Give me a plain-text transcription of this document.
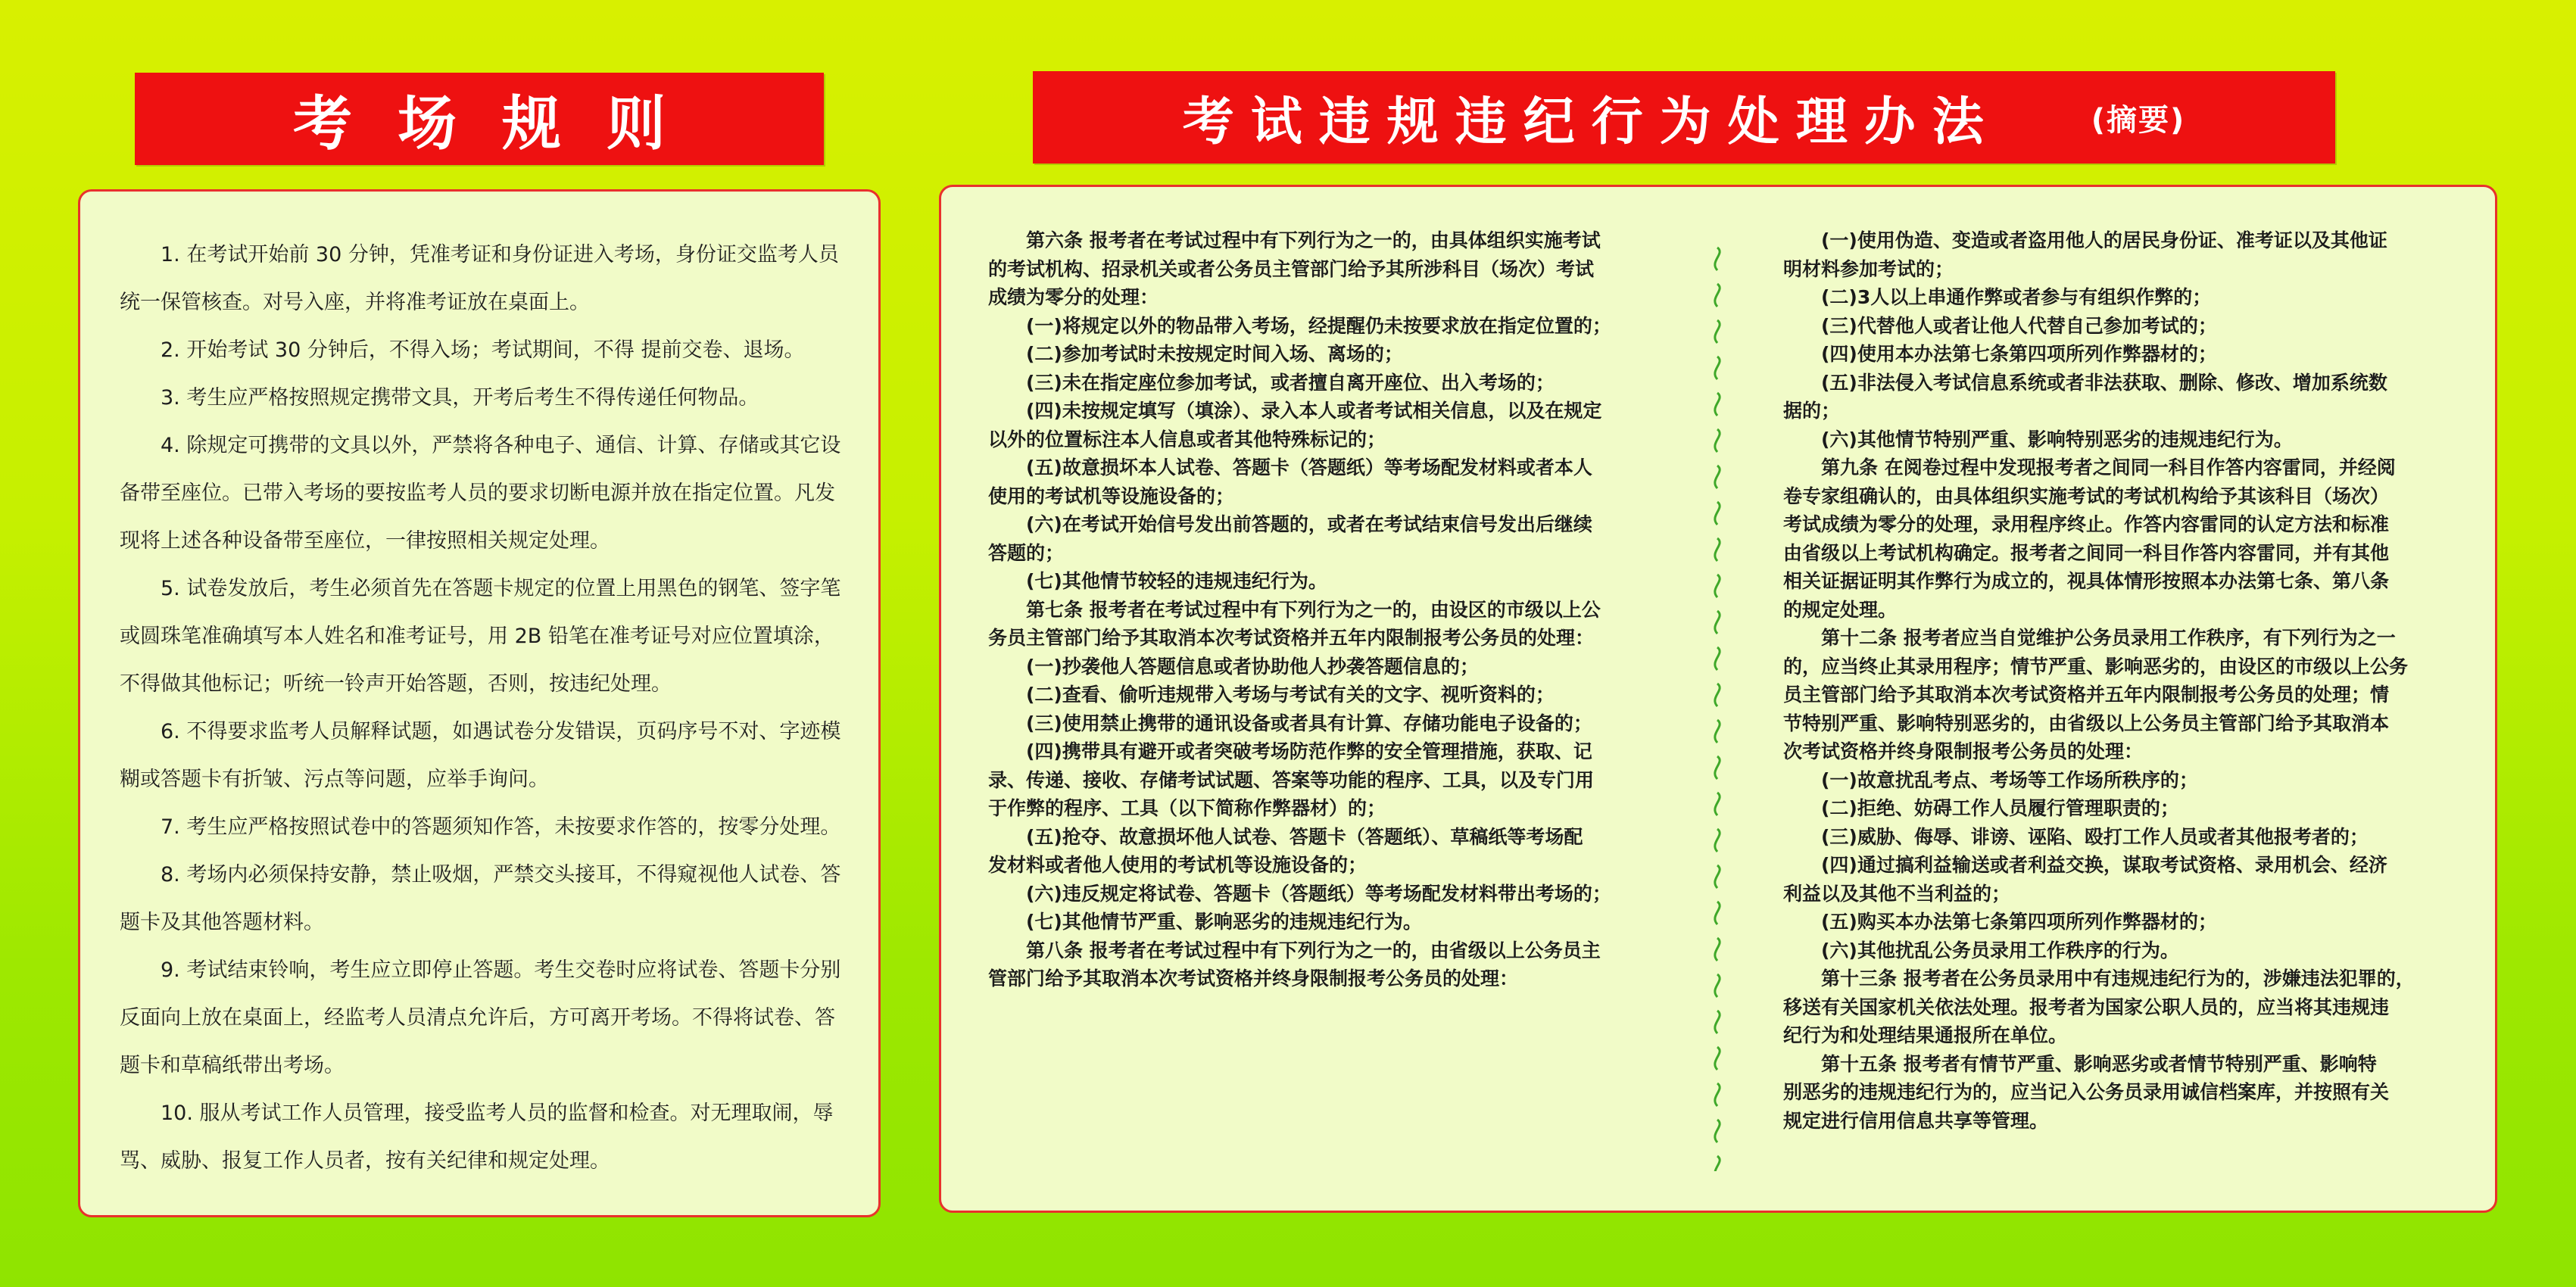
考场规则	考试违规违纪行为处理办法	(摘要)

1. 在考试开始前 30 分钟，凭准考证和身份证进入考场，身份证交监考人员统一保管核查。对号入座，并将准考证放在桌面上。

2. 开始考试 30 分钟后，不得入场；考试期间，不得 提前交卷、退场。

3. 考生应严格按照规定携带文具，开考后考生不得传递任何物品。

4. 除规定可携带的文具以外，严禁将各种电子、通信、计算、存储或其它设备带至座位。已带入考场的要按监考人员的要求切断电源并放在指定位置。凡发现将上述各种设备带至座位，一律按照相关规定处理。

5. 试卷发放后，考生必须首先在答题卡规定的位置上用黑色的钢笔、签字笔或圆珠笔准确填写本人姓名和准考证号，用 2B 铅笔在准考证号对应位置填涂，不得做其他标记；听统一铃声开始答题，否则，按违纪处理。

6. 不得要求监考人员解释试题，如遇试卷分发错误，页码序号不对、字迹模糊或答题卡有折皱、污点等问题，应举手询问。

7. 考生应严格按照试卷中的答题须知作答，未按要求作答的，按零分处理。

8. 考场内必须保持安静，禁止吸烟，严禁交头接耳，不得窥视他人试卷、答题卡及其他答题材料。

9. 考试结束铃响，考生应立即停止答题。考生交卷时应将试卷、答题卡分别反面向上放在桌面上，经监考人员清点允许后，方可离开考场。不得将试卷、答题卡和草稿纸带出考场。

10. 服从考试工作人员管理，接受监考人员的监督和检查。对无理取闹，辱骂、威胁、报复工作人员者，按有关纪律和规定处理。

第六条 报考者在考试过程中有下列行为之一的，由具体组织实施考试

的考试机构、招录机关或者公务员主管部门给予其所涉科目（场次）考试

成绩为零分的处理：

(一)将规定以外的物品带入考场，经提醒仍未按要求放在指定位置的；

(二)参加考试时未按规定时间入场、离场的；

(三)未在指定座位参加考试，或者擅自离开座位、出入考场的；

(四)未按规定填写（填涂）、录入本人或者考试相关信息，以及在规定

以外的位置标注本人信息或者其他特殊标记的；

(五)故意损坏本人试卷、答题卡（答题纸）等考场配发材料或者本人

使用的考试机等设施设备的；

(六)在考试开始信号发出前答题的，或者在考试结束信号发出后继续

答题的；

(七)其他情节较轻的违规违纪行为。

第七条 报考者在考试过程中有下列行为之一的，由设区的市级以上公

务员主管部门给予其取消本次考试资格并五年内限制报考公务员的处理：

(一)抄袭他人答题信息或者协助他人抄袭答题信息的；

(二)查看、偷听违规带入考场与考试有关的文字、视听资料的；

(三)使用禁止携带的通讯设备或者具有计算、存储功能电子设备的；

(四)携带具有避开或者突破考场防范作弊的安全管理措施，获取、记

录、传递、接收、存储考试试题、答案等功能的程序、工具，以及专门用

于作弊的程序、工具（以下简称作弊器材）的；

(五)抢夺、故意损坏他人试卷、答题卡（答题纸）、草稿纸等考场配

发材料或者他人使用的考试机等设施设备的；

(六)违反规定将试卷、答题卡（答题纸）等考场配发材料带出考场的；

(七)其他情节严重、影响恶劣的违规违纪行为。

第八条 报考者在考试过程中有下列行为之一的，由省级以上公务员主

管部门给予其取消本次考试资格并终身限制报考公务员的处理：

(一)使用伪造、变造或者盗用他人的居民身份证、准考证以及其他证

明材料参加考试的；

(二)3人以上串通作弊或者参与有组织作弊的；

(三)代替他人或者让他人代替自己参加考试的；

(四)使用本办法第七条第四项所列作弊器材的；

(五)非法侵入考试信息系统或者非法获取、删除、修改、增加系统数

据的；

(六)其他情节特别严重、影响特别恶劣的违规违纪行为。

第九条 在阅卷过程中发现报考者之间同一科目作答内容雷同，并经阅

卷专家组确认的，由具体组织实施考试的考试机构给予其该科目（场次）

考试成绩为零分的处理，录用程序终止。作答内容雷同的认定方法和标准

由省级以上考试机构确定。报考者之间同一科目作答内容雷同，并有其他

相关证据证明其作弊行为成立的，视具体情形按照本办法第七条、第八条

的规定处理。

第十二条 报考者应当自觉维护公务员录用工作秩序，有下列行为之一

的，应当终止其录用程序；情节严重、影响恶劣的，由设区的市级以上公务

员主管部门给予其取消本次考试资格并五年内限制报考公务员的处理；情

节特别严重、影响特别恶劣的，由省级以上公务员主管部门给予其取消本

次考试资格并终身限制报考公务员的处理：

(一)故意扰乱考点、考场等工作场所秩序的；

(二)拒绝、妨碍工作人员履行管理职责的；

(三)威胁、侮辱、诽谤、诬陷、殴打工作人员或者其他报考者的；

(四)通过搞利益输送或者利益交换，谋取考试资格、录用机会、经济

利益以及其他不当利益的；

(五)购买本办法第七条第四项所列作弊器材的；

(六)其他扰乱公务员录用工作秩序的行为。

第十三条 报考者在公务员录用中有违规违纪行为的，涉嫌违法犯罪的，

移送有关国家机关依法处理。报考者为国家公职人员的，应当将其违规违

纪行为和处理结果通报所在单位。

第十五条 报考者有情节严重、影响恶劣或者情节特别严重、影响特

别恶劣的违规违纪行为的，应当记入公务员录用诚信档案库，并按照有关

规定进行信用信息共享等管理。
